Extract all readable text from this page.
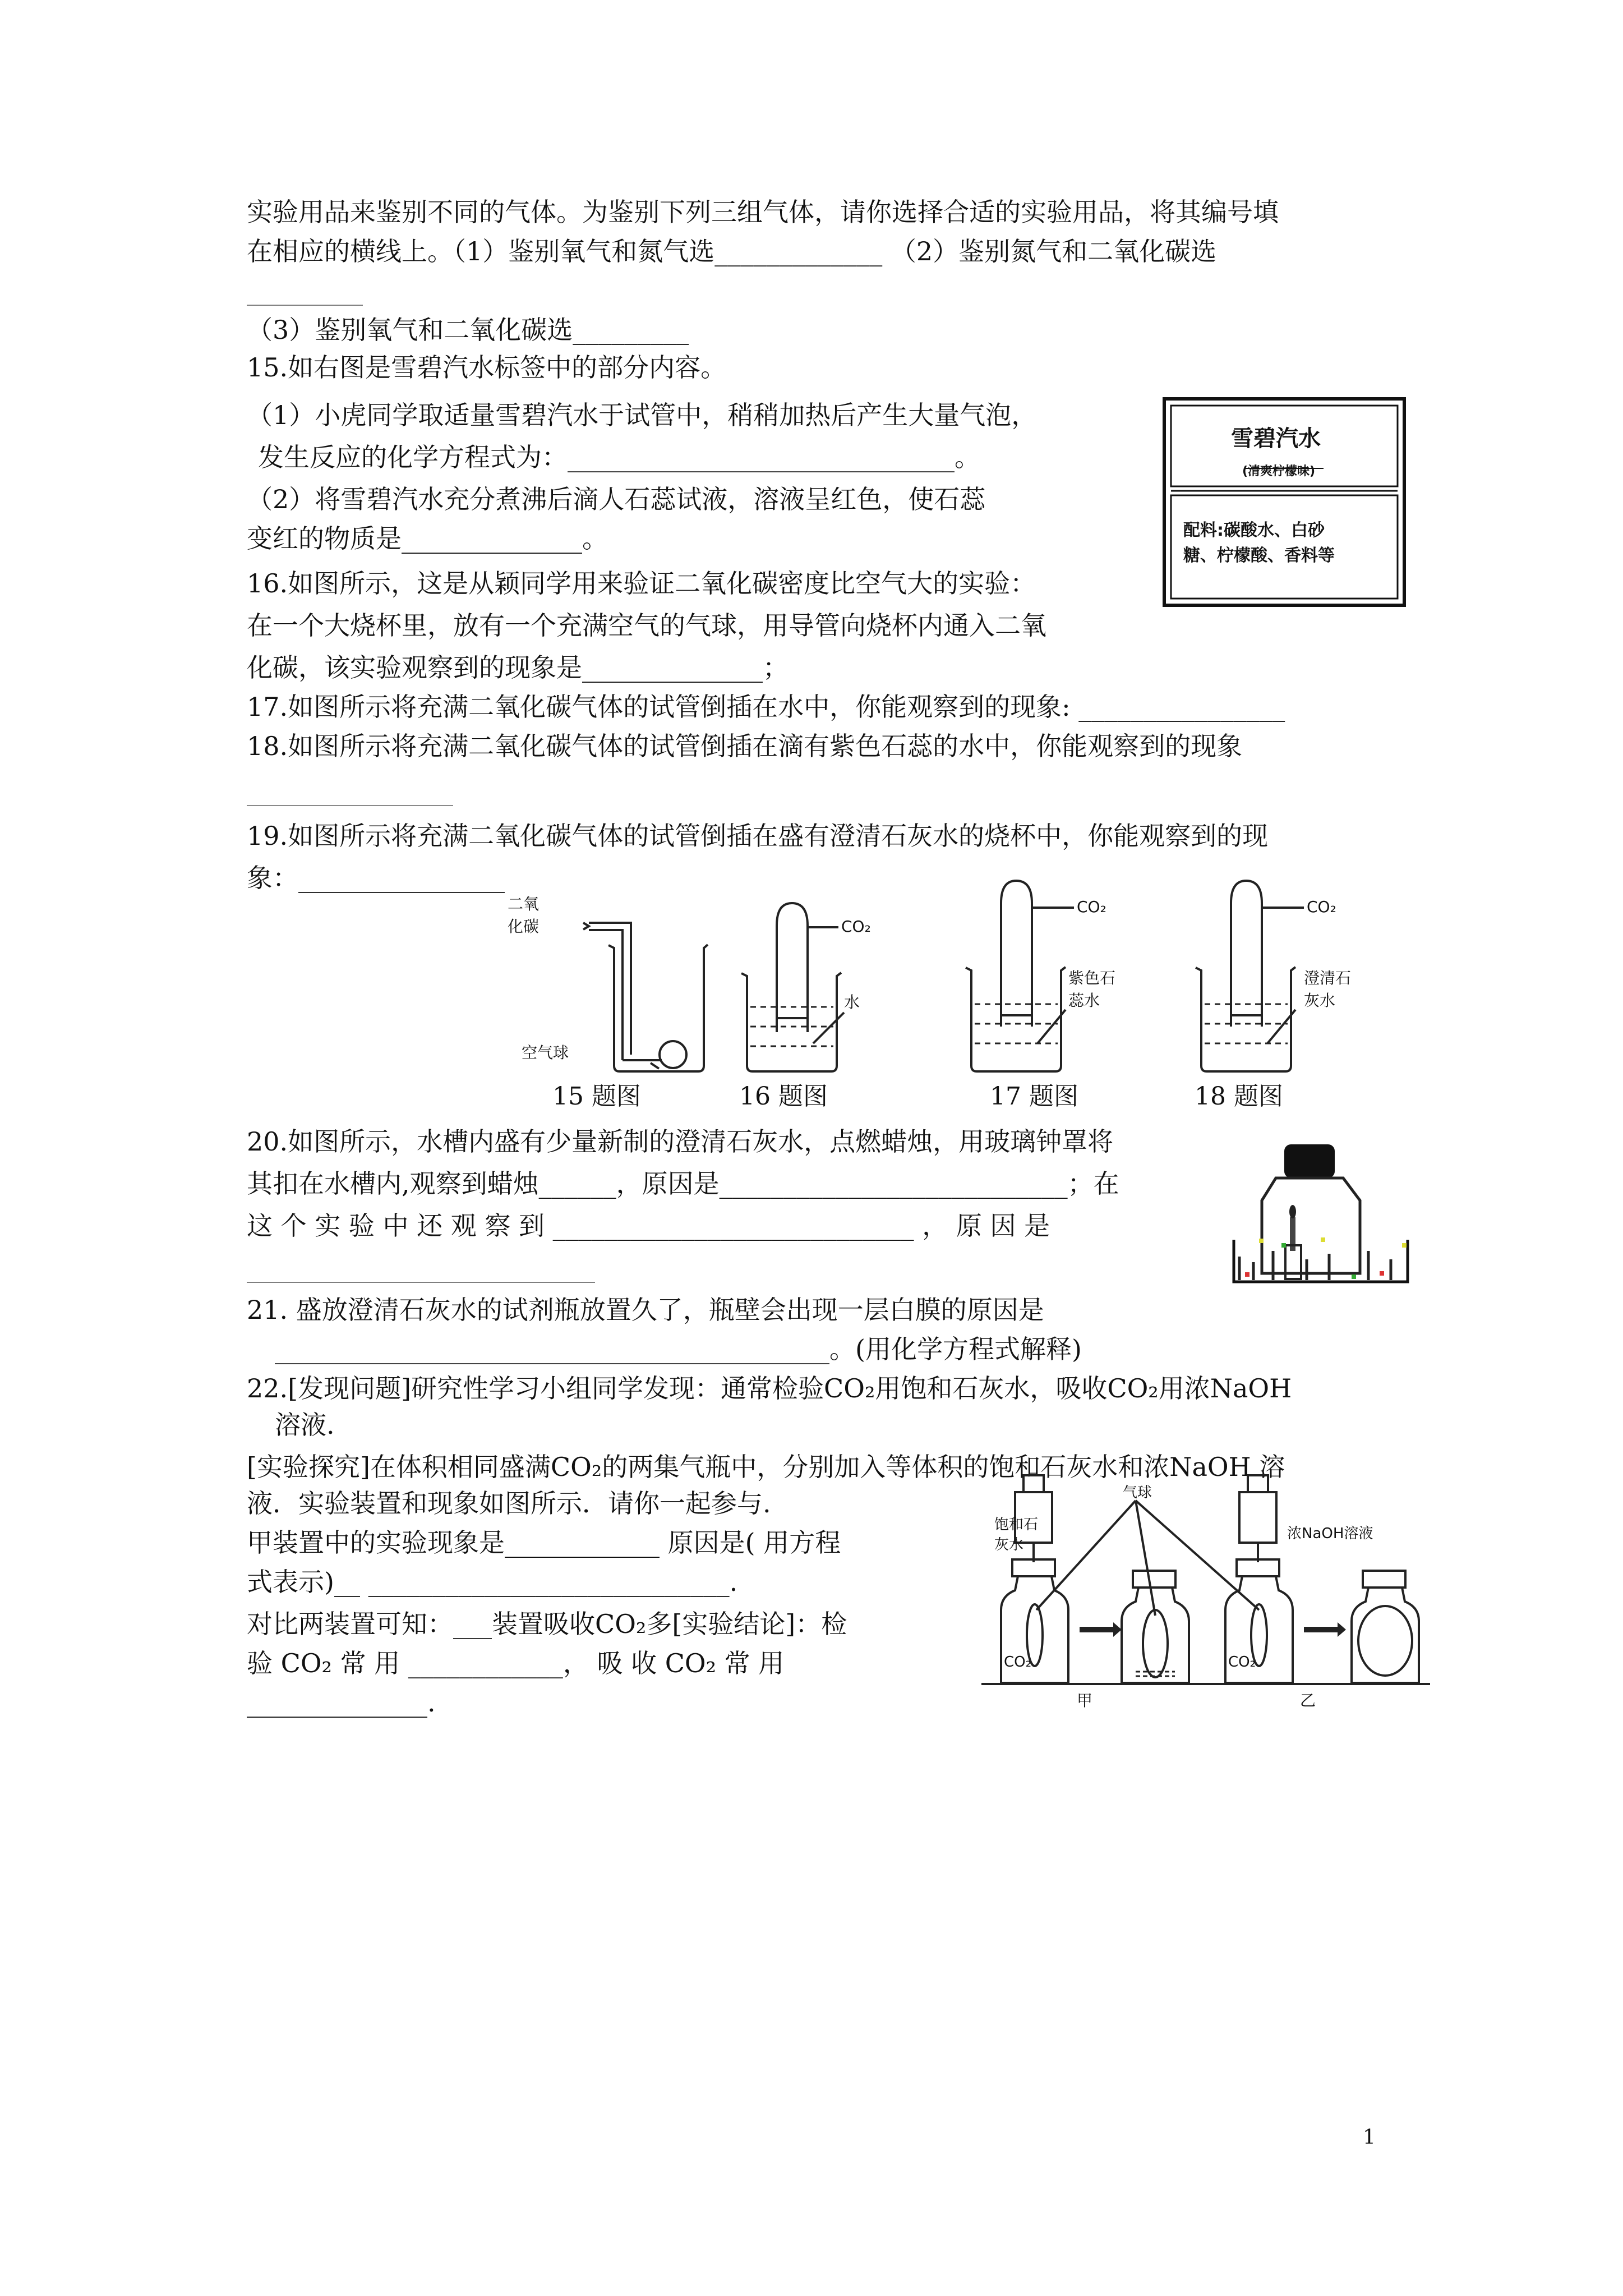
实验用品来鉴别不同的气体。为鉴别下列三组气体，请你选择合适的实验用品，将其编号填
在相应的横线上。（1）鉴别氧气和氮气选_____________ （2）鉴别氮气和二氧化碳选
_________
（3）鉴别氧气和二氧化碳选_________
15.如右图是雪碧汽水标签中的部分内容。
（1）小虎同学取适量雪碧汽水于试管中，稍稍加热后产生大量气泡，
发生反应的化学方程式为：______________________________。
（2）将雪碧汽水充分煮沸后滴人石蕊试液，溶液呈红色，使石蕊
变红的物质是______________。
16.如图所示，这是从颖同学用来验证二氧化碳密度比空气大的实验：
在一个大烧杯里，放有一个充满空气的气球，用导管向烧杯内通入二氧
化碳，该实验观察到的现象是______________；
17.如图所示将充满二氧化碳气体的试管倒插在水中，你能观察到的现象: ________________
18.如图所示将充满二氧化碳气体的试管倒插在滴有紫色石蕊的水中，你能观察到的现象
________________
19.如图所示将充满二氧化碳气体的试管倒插在盛有澄清石灰水的烧杯中，你能观察到的现
象：________________
20.如图所示，水槽内盛有少量新制的澄清石灰水，点燃蜡烛，用玻璃钟罩将
其扣在水槽内,观察到蜡烛______，原因是___________________________；在
这 个 实 验 中 还 观 察 到 ____________________________ ， 原 因 是
___________________________
21. 盛放澄清石灰水的试剂瓶放置久了，瓶壁会出现一层白膜的原因是
___________________________________________。(用化学方程式解释)
22.[发现问题]研究性学习小组同学发现：通常检验CO₂用饱和石灰水，吸收CO₂用浓NaOH
溶液.
[实验探究]在体积相同盛满CO₂的两集气瓶中，分别加入等体积的饱和石灰水和浓NaOH 溶
液．实验装置和现象如图所示．请你一起参与.
甲装置中的实验现象是____________ 原因是( 用方程
式表示)__ ____________________________.
对比两装置可知：___装置吸收CO₂多[实验结论]：检
验 CO₂ 常 用 ____________， 吸 收 CO₂ 常 用
______________.
雪碧汽水
(清爽柠檬味)
配料:碳酸水、白砂
糖、柠檬酸、香料等
二氧
化碳
空气球
CO₂
水
CO₂
紫色石
蕊水
CO₂
澄清石
灰水
15 题图	16 题图	17 题图	18 题图
饱和石
灰水
气球
浓NaOH溶液
CO₂	CO₂
甲	乙
1
